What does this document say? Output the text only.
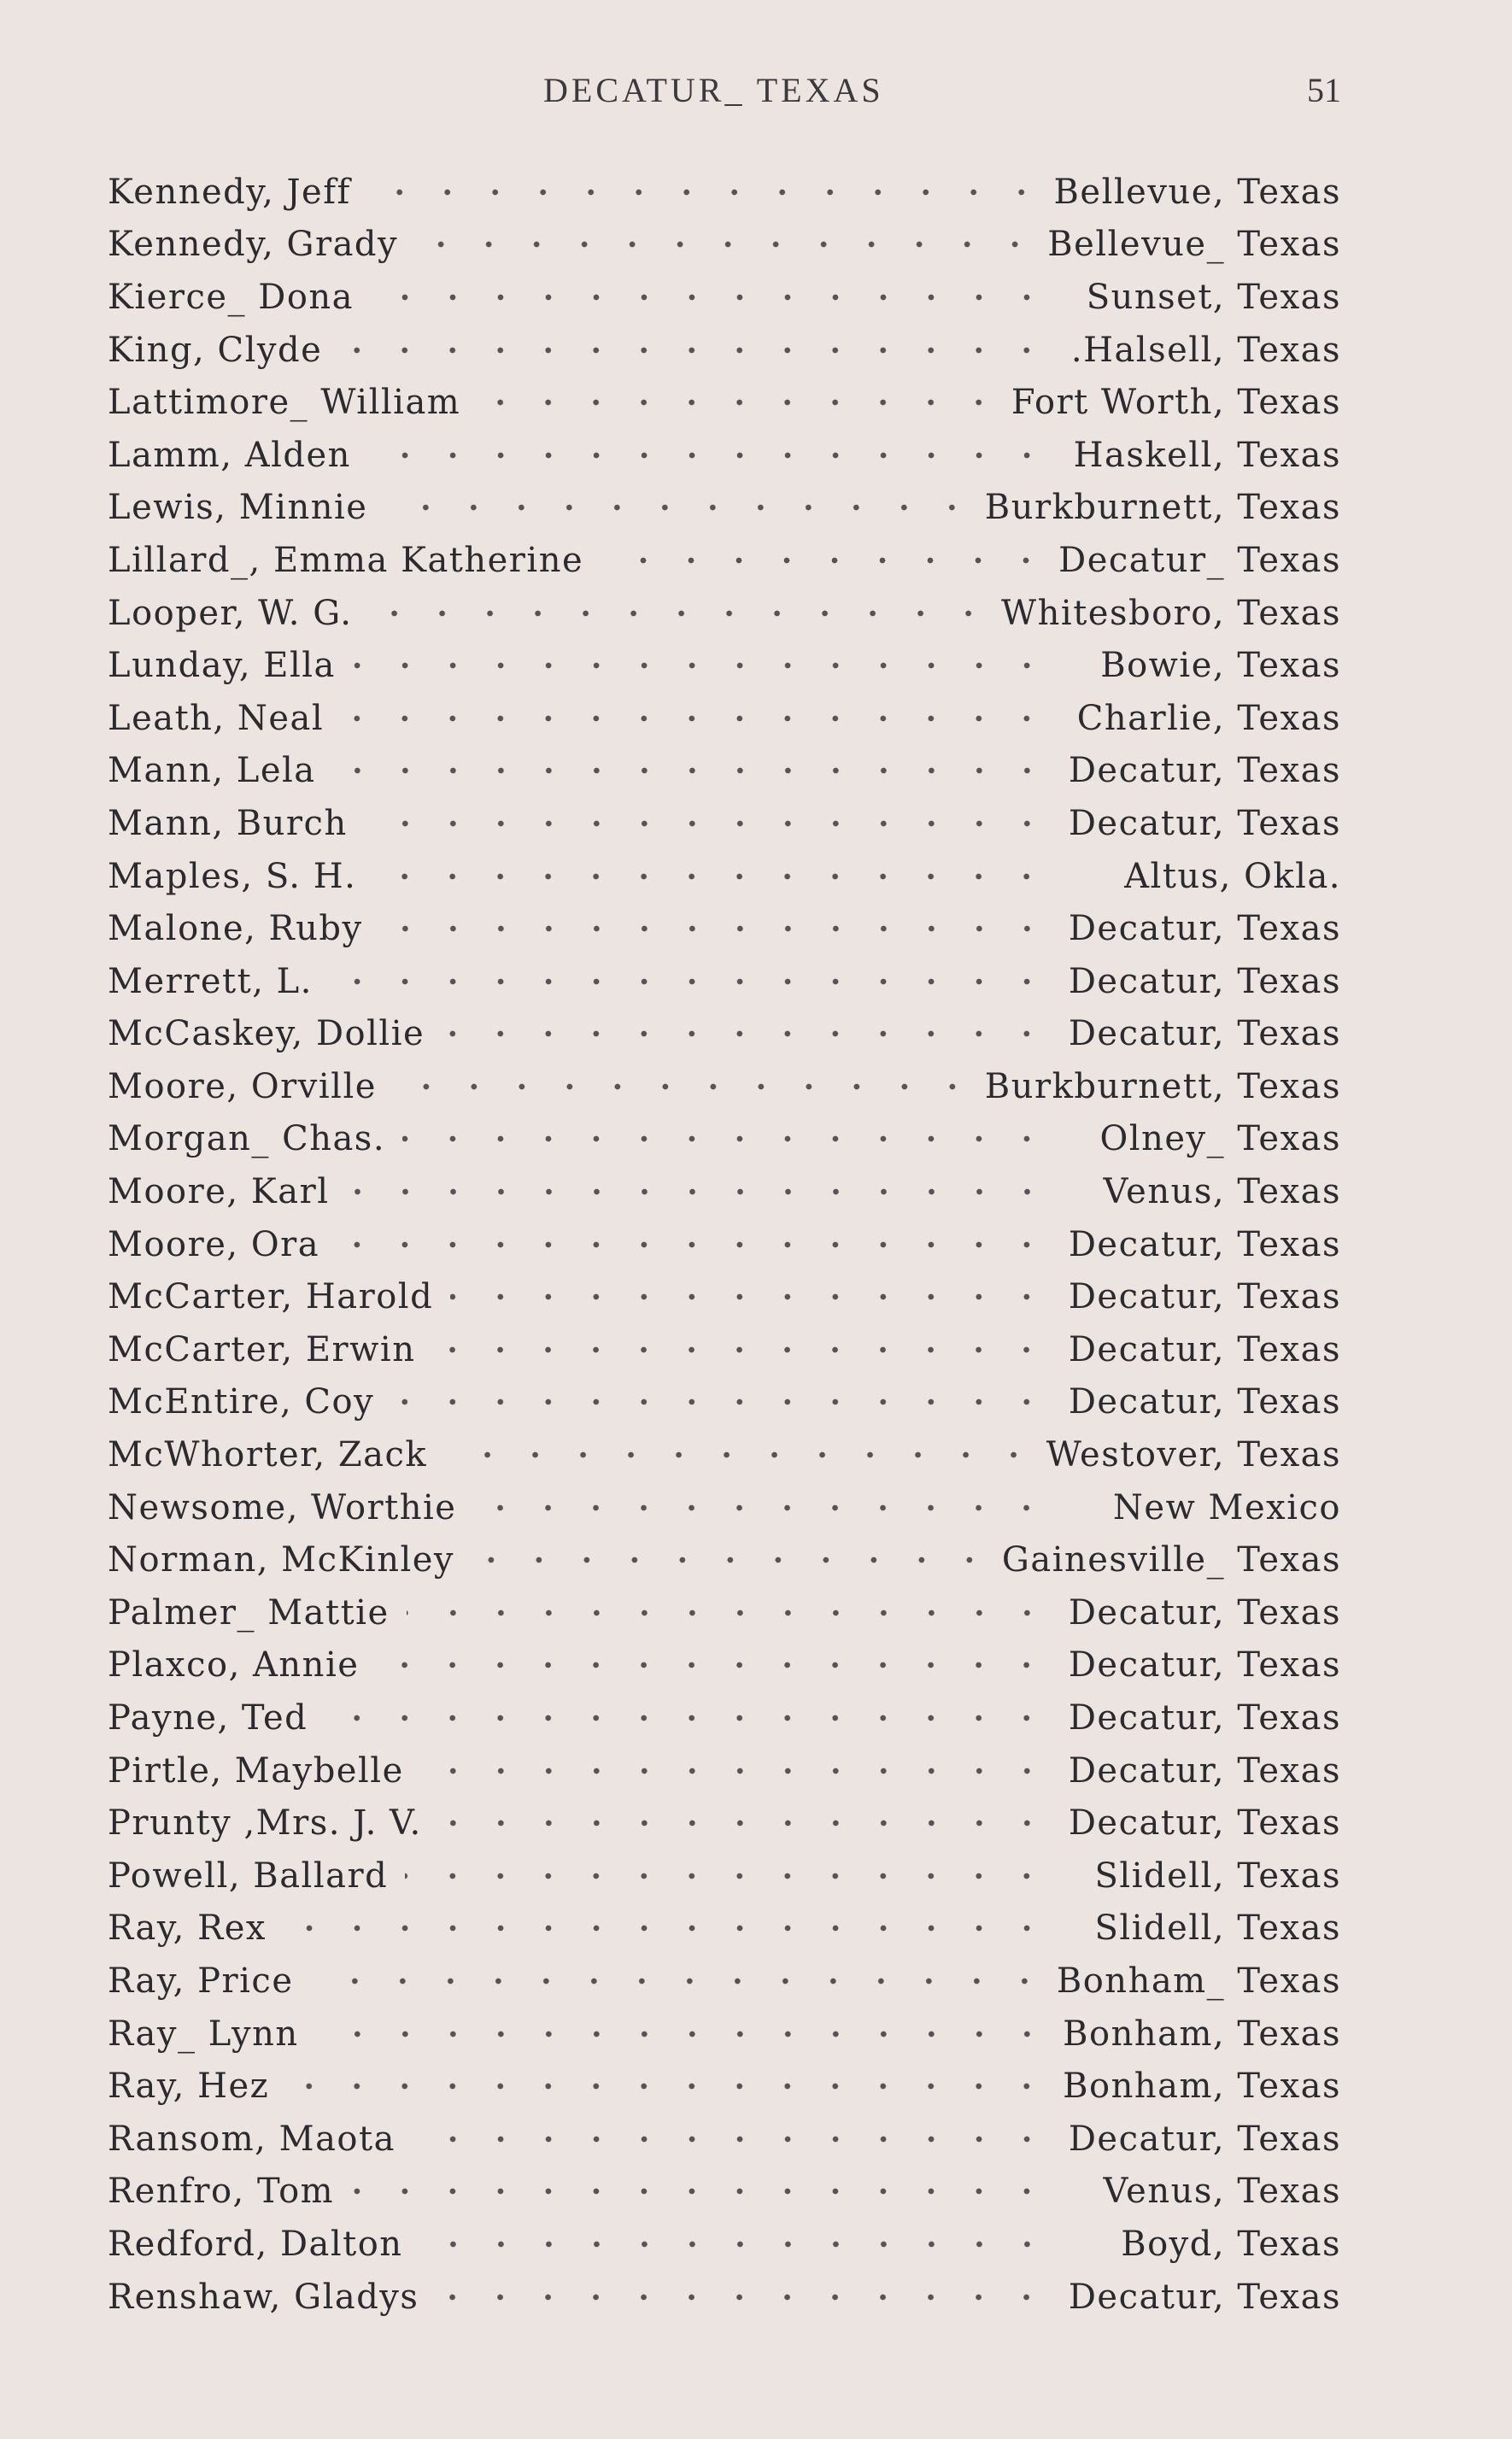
DECATUR_ TEXAS	51
Kennedy, Jeff	Bellevue, Texas
Kennedy, Grady	Bellevue_ Texas
Kierce_ Dona	Sunset, Texas
King, Clyde	.Halsell, Texas
Lattimore_ William	Fort Worth, Texas
Lamm, Alden	Haskell, Texas
Lewis, Minnie	Burkburnett, Texas
Lillard_, Emma Katherine	Decatur_ Texas
Looper, W. G.	Whitesboro, Texas
Lunday, Ella	Bowie, Texas
Leath, Neal	Charlie, Texas
Mann, Lela	Decatur, Texas
Mann, Burch	Decatur, Texas
Maples, S. H.	Altus, Okla.
Malone, Ruby	Decatur, Texas
Merrett, L.	Decatur, Texas
McCaskey, Dollie	Decatur, Texas
Moore, Orville	Burkburnett, Texas
Morgan_ Chas.	Olney_ Texas
Moore, Karl	Venus, Texas
Moore, Ora	Decatur, Texas
McCarter, Harold	Decatur, Texas
McCarter, Erwin	Decatur, Texas
McEntire, Coy	Decatur, Texas
McWhorter, Zack	Westover, Texas
Newsome, Worthie	New Mexico
Norman, McKinley	Gainesville_ Texas
Palmer_ Mattie	Decatur, Texas
Plaxco, Annie	Decatur, Texas
Payne, Ted	Decatur, Texas
Pirtle, Maybelle	Decatur, Texas
Prunty ,Mrs. J. V.	Decatur, Texas
Powell, Ballard	Slidell, Texas
Ray, Rex	Slidell, Texas
Ray, Price	Bonham_ Texas
Ray_ Lynn	Bonham, Texas
Ray, Hez	Bonham, Texas
Ransom, Maota	Decatur, Texas
Renfro, Tom	Venus, Texas
Redford, Dalton	Boyd, Texas
Renshaw, Gladys	Decatur, Texas
